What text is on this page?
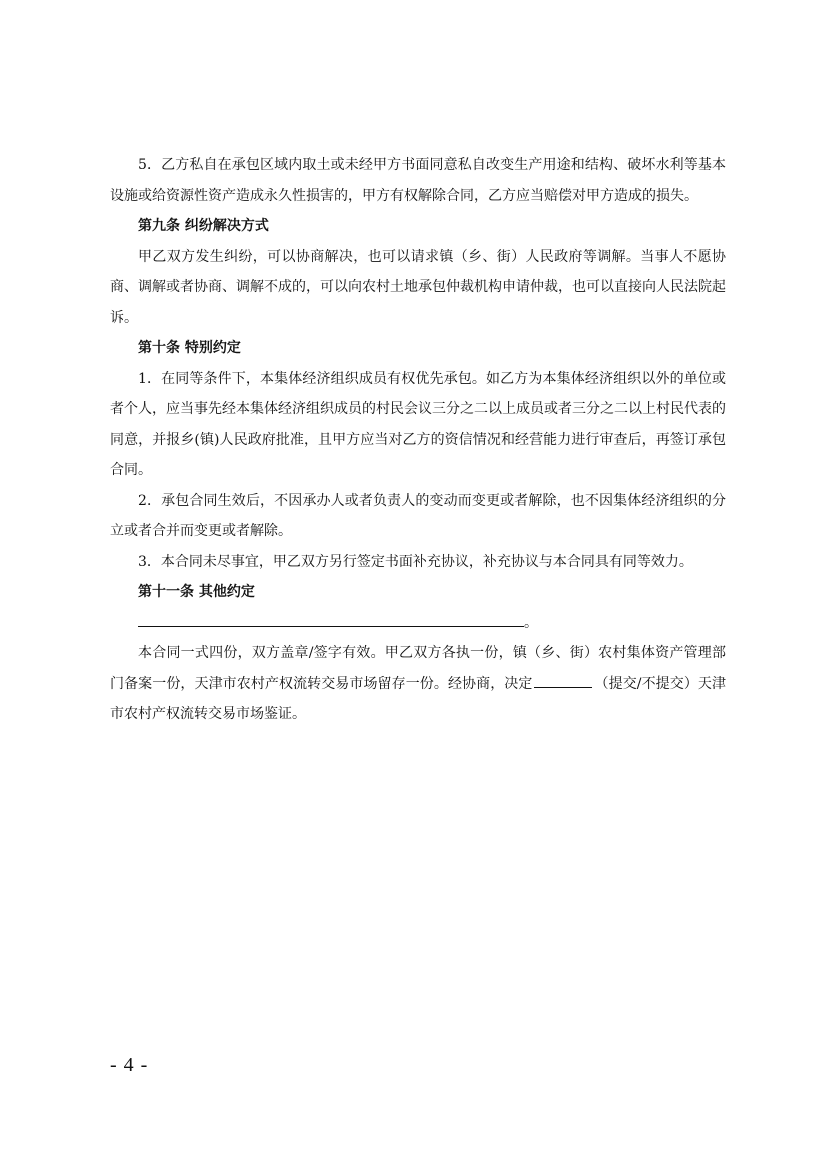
5．乙方私自在承包区域内取土或未经甲方书面同意私自改变生产用途和结构、破坏水利等基本设施或给资源性资产造成永久性损害的，甲方有权解除合同，乙方应当赔偿对甲方造成的损失。

第九条 纠纷解决方式

甲乙双方发生纠纷，可以协商解决，也可以请求镇（乡、街）人民政府等调解。当事人不愿协商、调解或者协商、调解不成的，可以向农村土地承包仲裁机构申请仲裁，也可以直接向人民法院起诉。

第十条 特别约定

1．在同等条件下，本集体经济组织成员有权优先承包。如乙方为本集体经济组织以外的单位或者个人，应当事先经本集体经济组织成员的村民会议三分之二以上成员或者三分之二以上村民代表的同意，并报乡(镇)人民政府批准，且甲方应当对乙方的资信情况和经营能力进行审查后，再签订承包合同。

2．承包合同生效后，不因承办人或者负责人的变动而变更或者解除，也不因集体经济组织的分立或者合并而变更或者解除。

3．本合同未尽事宜，甲乙双方另行签定书面补充协议，补充协议与本合同具有同等效力。

第十一条 其他约定

。

本合同一式四份，双方盖章/签字有效。甲乙双方各执一份，镇（乡、街）农村集体资产管理部门备案一份，天津市农村产权流转交易市场留存一份。经协商，决定	（提交/不提交）天津市农村产权流转交易市场鉴证。

- 4 -
